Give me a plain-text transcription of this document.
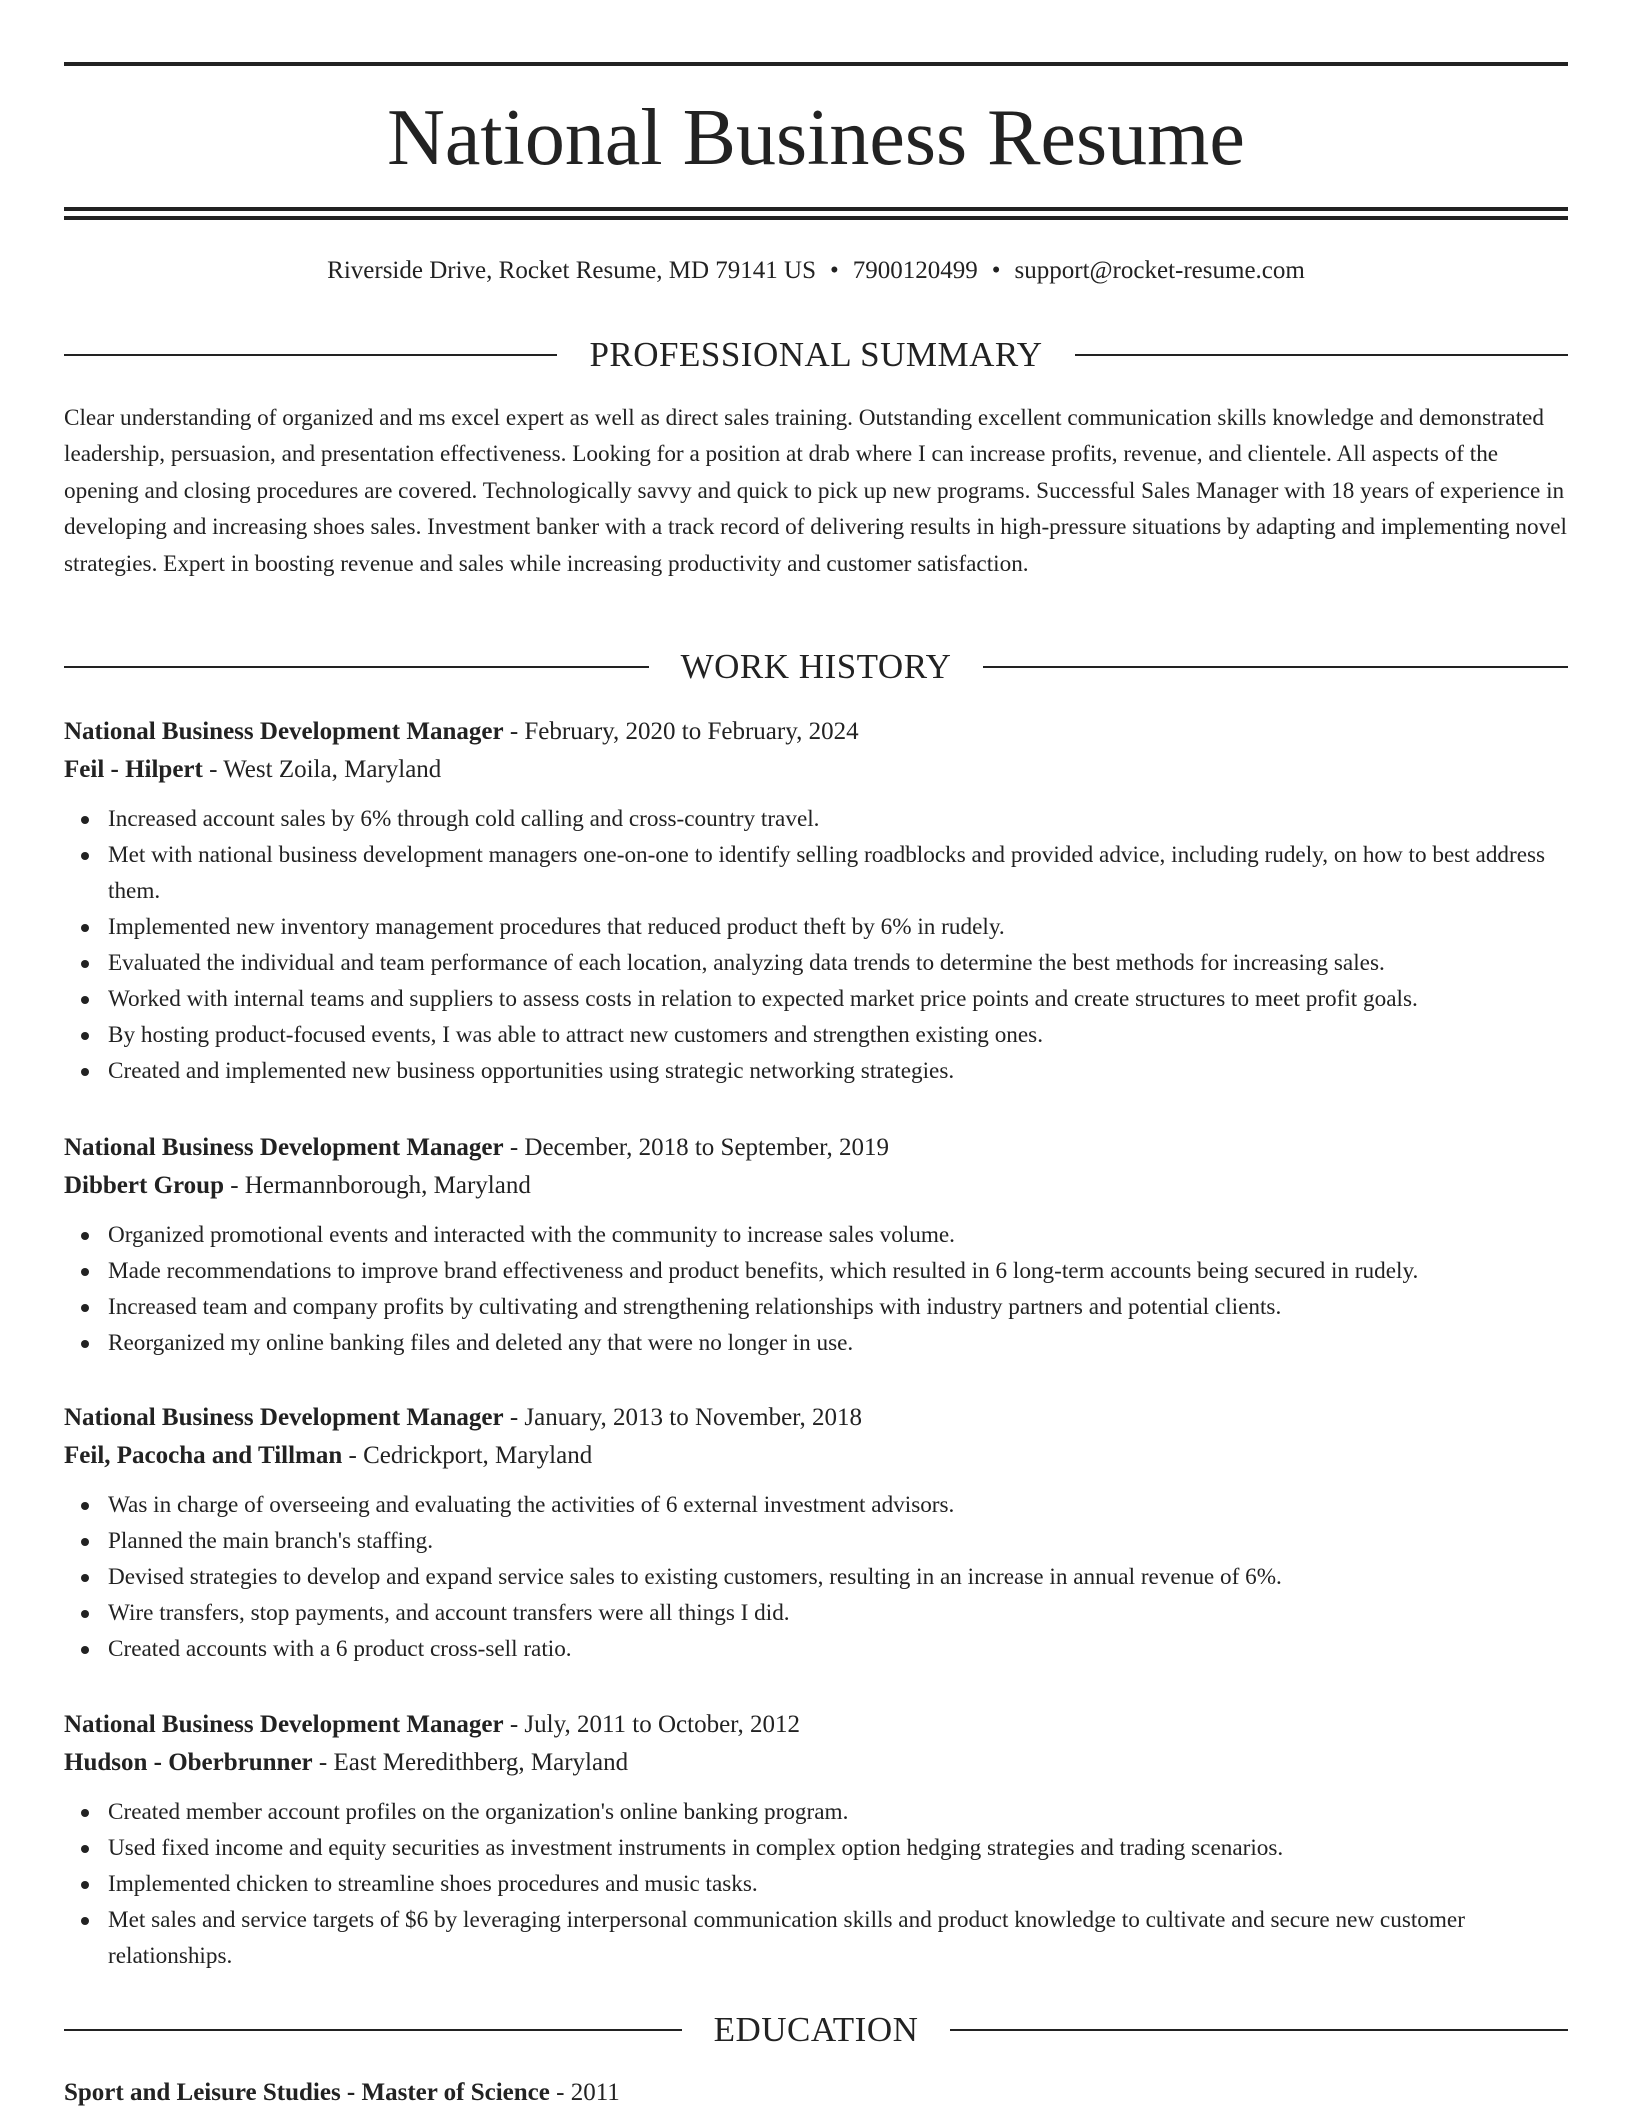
National Business Resume
Riverside Drive, Rocket Resume, MD 79141 US • 7900120499 • support@rocket-resume.com
PROFESSIONAL SUMMARY

Clear understanding of organized and ms excel expert as well as direct sales training. Outstanding excellent communication skills knowledge and demonstrated leadership, persuasion, and presentation effectiveness. Looking for a position at drab where I can increase profits, revenue, and clientele. All aspects of the opening and closing procedures are covered. Technologically savvy and quick to pick up new programs. Successful Sales Manager with 18 years of experience in developing and increasing shoes sales. Investment banker with a track record of delivering results in high-pressure situations by adapting and implementing novel strategies. Expert in boosting revenue and sales while increasing productivity and customer satisfaction.

WORK HISTORY
National Business Development Manager - February, 2020 to February, 2024
Feil - Hilpert - West Zoila, Maryland
Increased account sales by 6% through cold calling and cross-country travel.
Met with national business development managers one-on-one to identify selling roadblocks and provided advice, including rudely, on how to best address them.
Implemented new inventory management procedures that reduced product theft by 6% in rudely.
Evaluated the individual and team performance of each location, analyzing data trends to determine the best methods for increasing sales.
Worked with internal teams and suppliers to assess costs in relation to expected market price points and create structures to meet profit goals.
By hosting product-focused events, I was able to attract new customers and strengthen existing ones.
Created and implemented new business opportunities using strategic networking strategies.
National Business Development Manager - December, 2018 to September, 2019
Dibbert Group - Hermannborough, Maryland
Organized promotional events and interacted with the community to increase sales volume.
Made recommendations to improve brand effectiveness and product benefits, which resulted in 6 long-term accounts being secured in rudely.
Increased team and company profits by cultivating and strengthening relationships with industry partners and potential clients.
Reorganized my online banking files and deleted any that were no longer in use.
National Business Development Manager - January, 2013 to November, 2018
Feil, Pacocha and Tillman - Cedrickport, Maryland
Was in charge of overseeing and evaluating the activities of 6 external investment advisors.
Planned the main branch's staffing.
Devised strategies to develop and expand service sales to existing customers, resulting in an increase in annual revenue of 6%.
Wire transfers, stop payments, and account transfers were all things I did.
Created accounts with a 6 product cross-sell ratio.
National Business Development Manager - July, 2011 to October, 2012
Hudson - Oberbrunner - East Meredithberg, Maryland
Created member account profiles on the organization's online banking program.
Used fixed income and equity securities as investment instruments in complex option hedging strategies and trading scenarios.
Implemented chicken to streamline shoes procedures and music tasks.
Met sales and service targets of $6 by leveraging interpersonal communication skills and product knowledge to cultivate and secure new customer relationships.
EDUCATION
Sport and Leisure Studies - Master of Science - 2011
